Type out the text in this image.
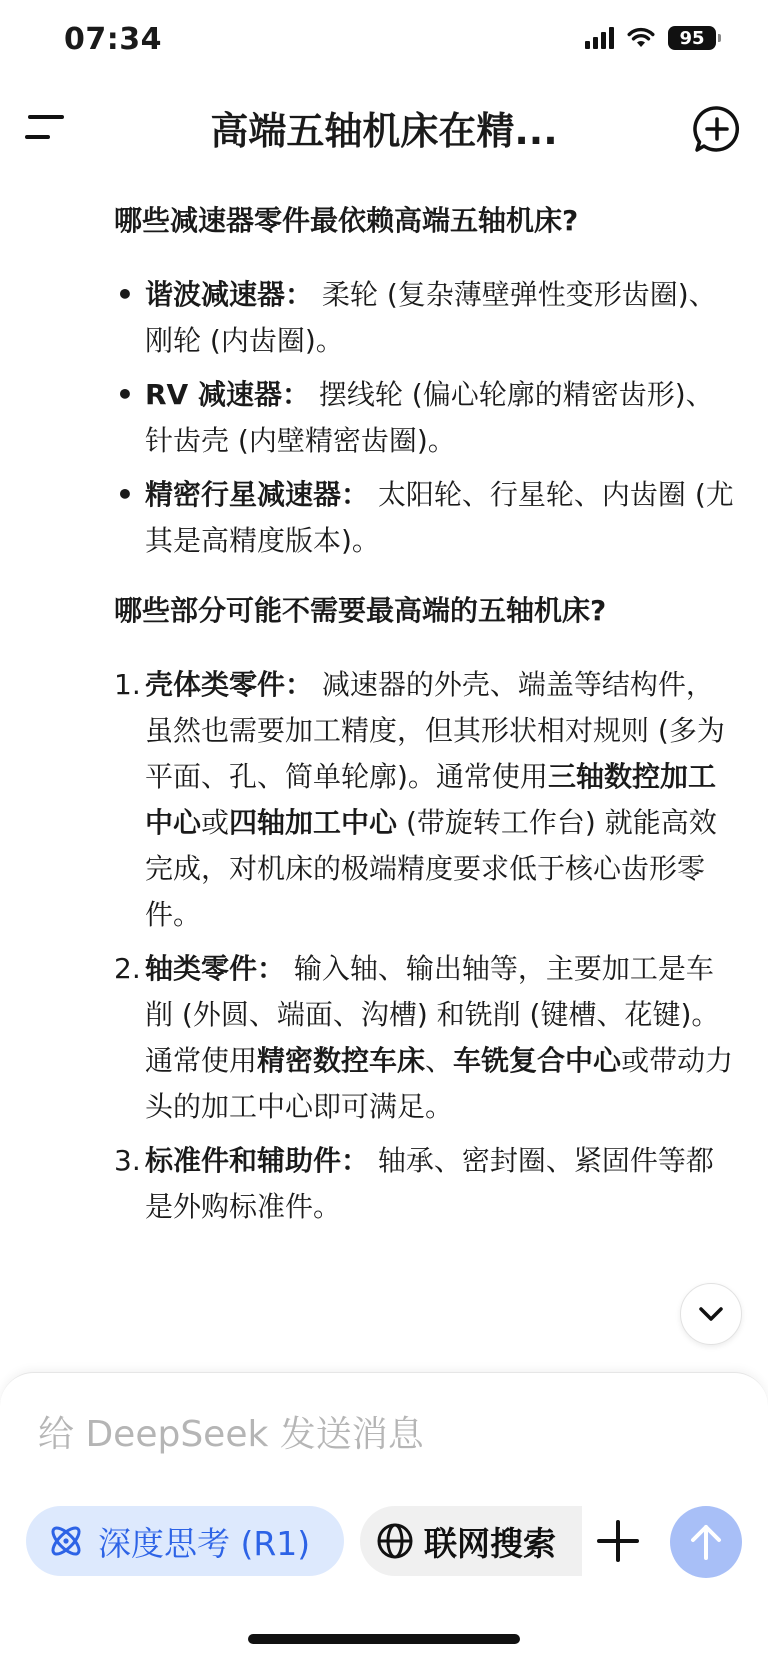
07:34	95
高端五轴机床在精...

哪些减速器零件最依赖高端五轴机床?

• 谐波减速器： 柔轮 (复杂薄壁弹性变形齿圈)、刚轮 (内齿圈)。
• RV 减速器： 摆线轮 (偏心轮廓的精密齿形)、针齿壳 (内壁精密齿圈)。
• 精密行星减速器： 太阳轮、行星轮、内齿圈 (尤其是高精度版本)。

哪些部分可能不需要最高端的五轴机床?

1. 壳体类零件： 减速器的外壳、端盖等结构件，虽然也需要加工精度，但其形状相对规则 (多为平面、孔、简单轮廓)。通常使用三轴数控加工中心或四轴加工中心 (带旋转工作台) 就能高效完成，对机床的极端精度要求低于核心齿形零件。
2. 轴类零件： 输入轴、输出轴等，主要加工是车削 (外圆、端面、沟槽) 和铣削 (键槽、花键)。通常使用精密数控车床、车铣复合中心或带动力头的加工中心即可满足。
3. 标准件和辅助件： 轴承、密封圈、紧固件等都是外购标准件。
给 DeepSeek 发送消息
深度思考 (R1)	联网搜索
